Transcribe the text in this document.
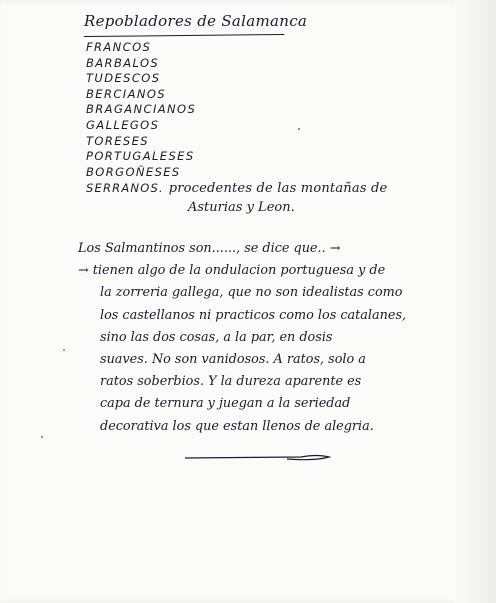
Repobladores de Salamanca
FRANCOS
BARBALOS
TUDESCOS
BERCIANOS
BRAGANCIANOS
GALLEGOS
TORESES
PORTUGALESES
BORGOÑESES
SERRANOS. procedentes de las montañas de
Asturias y Leon.
Los Salmantinos son......, se dice que.. →
→ tienen algo de la ondulacion portuguesa y de
la zorreria gallega, que no son idealistas como
los castellanos ni practicos como los catalanes,
sino las dos cosas, a la par, en dosis
suaves. No son vanidosos. A ratos, solo a
ratos soberbios. Y la dureza aparente es
capa de ternura y juegan a la seriedad
decorativa los que estan llenos de alegria.
